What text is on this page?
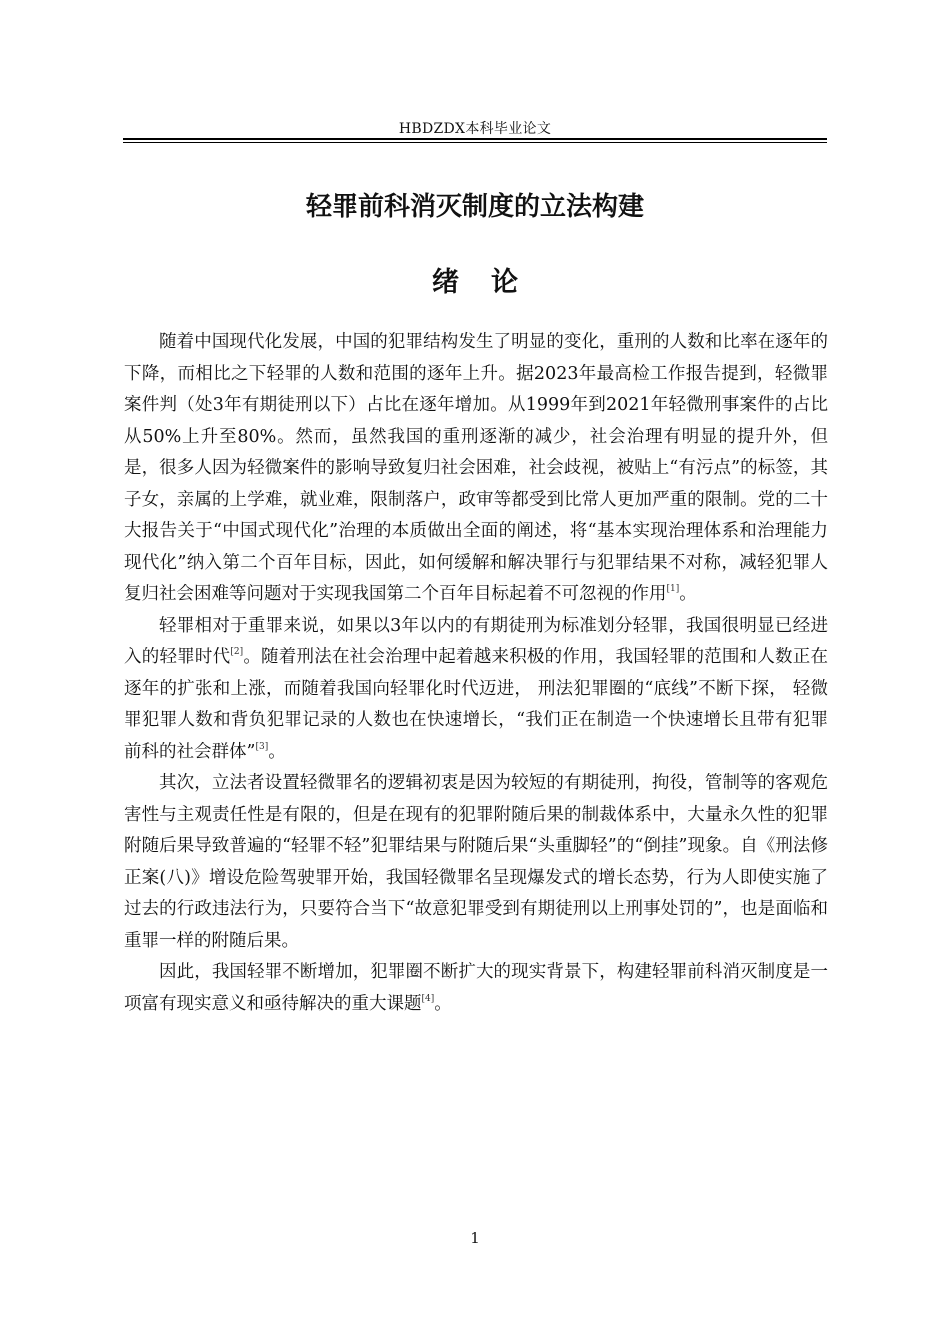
HBDZDX本科毕业论文
轻罪前科消灭制度的立法构建
绪论

随着中国现代化发展，中国的犯罪结构发生了明显的变化，重刑的人数和比率在逐年的下降，而相比之下轻罪的人数和范围的逐年上升。据2023年最高检工作报告提到，轻微罪案件判（处3年有期徒刑以下）占比在逐年增加。从1999年到2021年轻微刑事案件的占比从50%上升至80%。然而，虽然我国的重刑逐渐的减少，社会治理有明显的提升外，但是，很多人因为轻微案件的影响导致复归社会困难，社会歧视，被贴上“有污点”的标签，其子女，亲属的上学难，就业难，限制落户，政审等都受到比常人更加严重的限制。党的二十大报告关于“中国式现代化”治理的本质做出全面的阐述，将“基本实现治理体系和治理能力现代化”纳入第二个百年目标，因此，如何缓解和解决罪行与犯罪结果不对称，减轻犯罪人复归社会困难等问题对于实现我国第二个百年目标起着不可忽视的作用[1]。

轻罪相对于重罪来说，如果以3年以内的有期徒刑为标准划分轻罪，我国很明显已经进入的轻罪时代[2]。随着刑法在社会治理中起着越来积极的作用，我国轻罪的范围和人数正在逐年的扩张和上涨，而随着我国向轻罪化时代迈进， 刑法犯罪圈的“底线”不断下探， 轻微罪犯罪人数和背负犯罪记录的人数也在快速增长，“我们正在制造一个快速增长且带有犯罪前科的社会群体”[3]。

其次，立法者设置轻微罪名的逻辑初衷是因为较短的有期徒刑，拘役，管制等的客观危害性与主观责任性是有限的，但是在现有的犯罪附随后果的制裁体系中，大量永久性的犯罪附随后果导致普遍的“轻罪不轻”犯罪结果与附随后果“头重脚轻”的“倒挂”现象。自《刑法修正案(八)》增设危险驾驶罪开始，我国轻微罪名呈现爆发式的增长态势，行为人即使实施了过去的行政违法行为，只要符合当下“故意犯罪受到有期徒刑以上刑事处罚的”，也是面临和重罪一样的附随后果。

因此，我国轻罪不断增加，犯罪圈不断扩大的现实背景下，构建轻罪前科消灭制度是一项富有现实意义和亟待解决的重大课题[4]。

1
